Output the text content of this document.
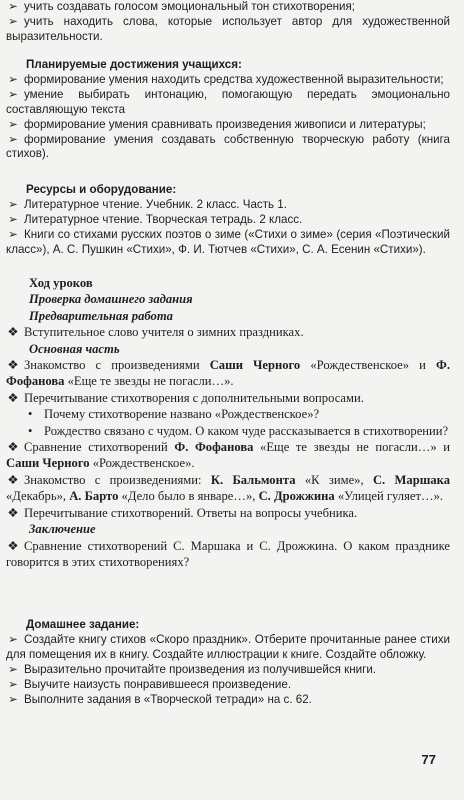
➢ учить создавать голосом эмоциональный тон стихотворения;
➢ учить находить слова, которые использует автор для художественной выразительности.
Планируемые достижения учащихся:
➢ формирование умения находить средства художественной выразительности;
➢ умение выбирать интонацию, помогающую передать эмоционально составляющую текста
➢ формирование умения сравнивать произведения живописи и литературы;
➢ формирование умения создавать собственную творческую работу (книга стихов).
Ресурсы и оборудование:
➢ Литературное чтение. Учебник. 2 класс. Часть 1.
➢ Литературное чтение. Творческая тетрадь. 2 класс.
➢ Книги со стихами русских поэтов о зиме («Стихи о зиме» (серия «Поэтический класс»), А. С. Пушкин «Стихи», Ф. И. Тютчев «Стихи», С. А. Есенин «Стихи»).
Ход уроков
Проверка домашнего задания
Предварительная работа
❖ Вступительное слово учителя о зимних праздниках.
Основная часть
❖ Знакомство с произведениями Саши Черного «Рождественское» и Ф. Фофанова «Еще те звезды не погасли…».
❖ Перечитывание стихотворения с дополнительными вопросами.
• Почему стихотворение названо «Рождественское»?
• Рождество связано с чудом. О каком чуде рассказывается в стихотворении?
❖ Сравнение стихотворений Ф. Фофанова «Еще те звезды не погасли…» и Саши Черного «Рождественское».
❖ Знакомство с произведениями: К. Бальмонта «К зиме», С. Маршака «Декабрь», А. Барто «Дело было в январе…», С. Дрожжина «Улицей гуляет…».
❖ Перечитывание стихотворений. Ответы на вопросы учебника.
Заключение
❖ Сравнение стихотворений С. Маршака и С. Дрожжина. О каком празднике говорится в этих стихотворениях?
Домашнее задание:
➢ Создайте книгу стихов «Скоро праздник». Отберите прочитанные ранее стихи для помещения их в книгу. Создайте иллюстрации к книге. Создайте обложку.
➢ Выразительно прочитайте произведения из получившейся книги.
➢ Выучите наизусть понравившееся произведение.
➢ Выполните задания в «Творческой тетради» на с. 62.
77
